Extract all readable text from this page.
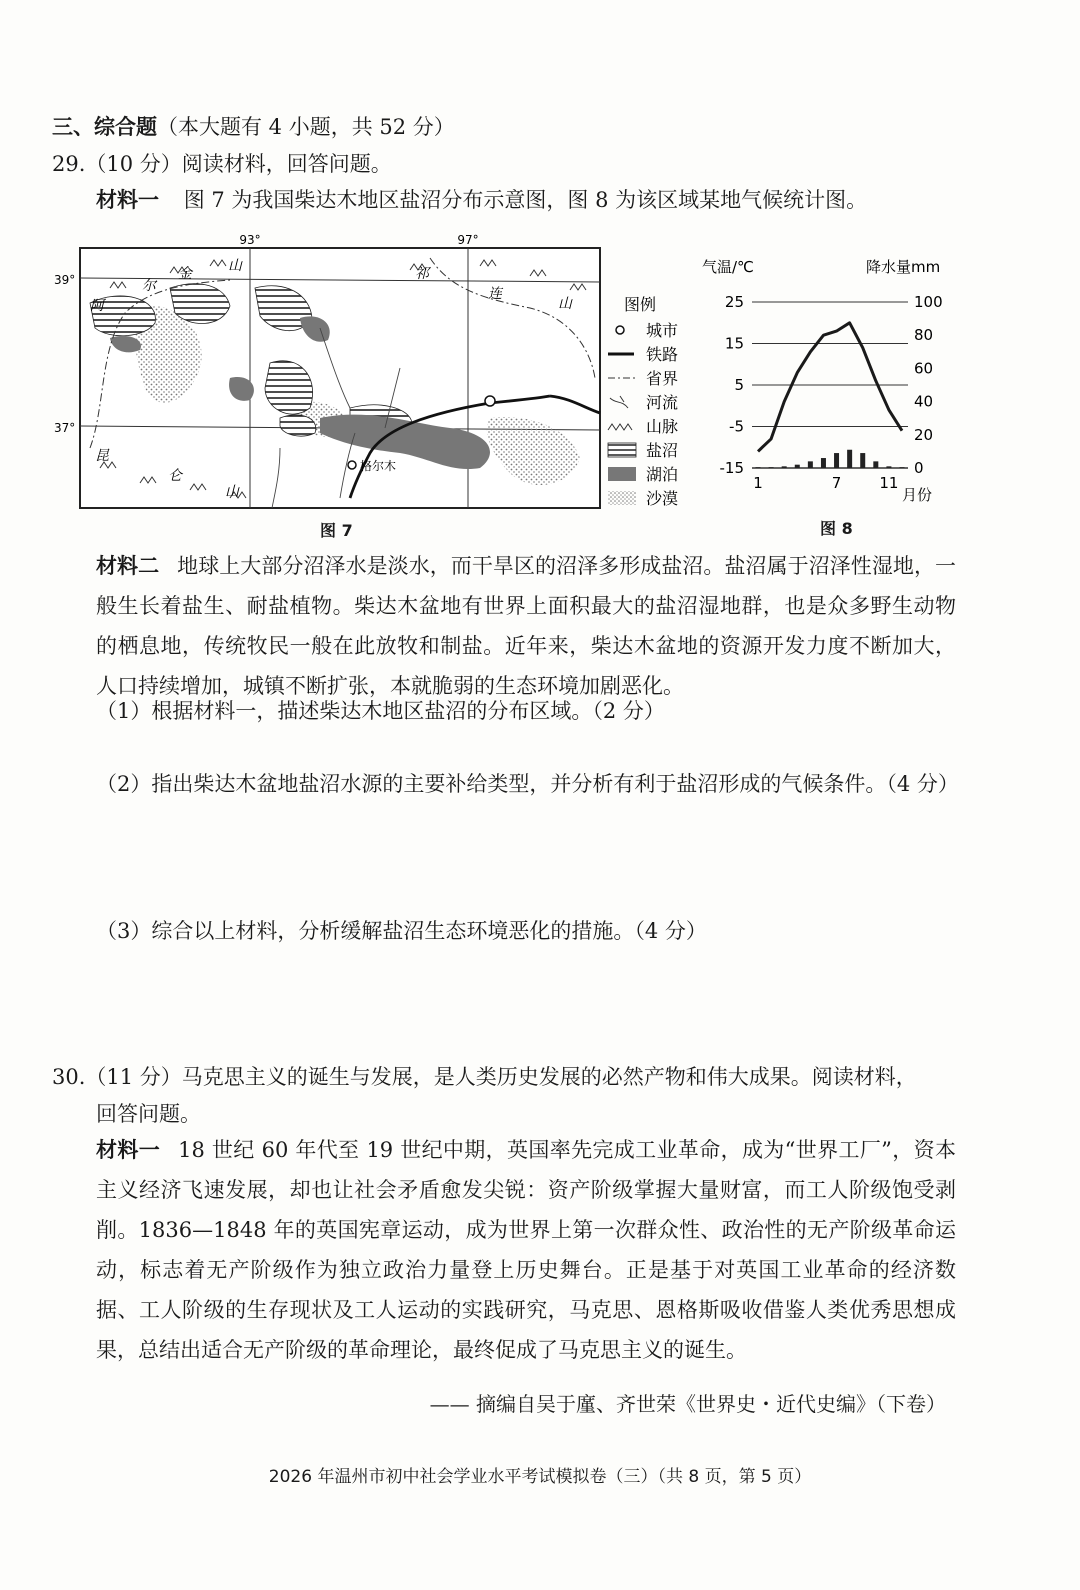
三、综合题（本大题有 4 小题，共 52 分）
29.（10 分）阅读材料，回答问题。
材料一 图 7 为我国柴达木地区盐沼分布示意图，图 8 为该区域某地气候统计图。
93°	97°
39°
37°
格尔木
阿
尔
金	山	祁
连
山
昆
仑
山
图例
城市
铁路
省界
河流
山脉
盐沼
湖泊
沙漠
图 7
气温/℃	降水量mm
月份
25
15
5
-5
-15
100
80
60
40
20
0
1	7	11
图 8
材料二 地球上大部分沼泽水是淡水，而干旱区的沼泽多形成盐沼。盐沼属于沼泽性湿地，一般生长着盐生、耐盐植物。柴达木盆地有世界上面积最大的盐沼湿地群，也是众多野生动物的栖息地，传统牧民一般在此放牧和制盐。近年来，柴达木盆地的资源开发力度不断加大，人口持续增加，城镇不断扩张，本就脆弱的生态环境加剧恶化。
（1）根据材料一，描述柴达木地区盐沼的分布区域。（2 分）
（2）指出柴达木盆地盐沼水源的主要补给类型，并分析有利于盐沼形成的气候条件。（4 分）
（3）综合以上材料，分析缓解盐沼生态环境恶化的措施。（4 分）
30.（11 分）马克思主义的诞生与发展，是人类历史发展的必然产物和伟大成果。阅读材料，
回答问题。
材料一 18 世纪 60 年代至 19 世纪中期，英国率先完成工业革命，成为“世界工厂”，资本主义经济飞速发展，却也让社会矛盾愈发尖锐：资产阶级掌握大量财富，而工人阶级饱受剥削。1836—1848 年的英国宪章运动，成为世界上第一次群众性、政治性的无产阶级革命运动，标志着无产阶级作为独立政治力量登上历史舞台。正是基于对英国工业革命的经济数据、工人阶级的生存现状及工人运动的实践研究，马克思、恩格斯吸收借鉴人类优秀思想成果，总结出适合无产阶级的革命理论，最终促成了马克思主义的诞生。
—— 摘编自吴于廑、齐世荣《世界史・近代史编》（下卷）
2026 年温州市初中社会学业水平考试模拟卷（三）（共 8 页，第 5 页）
